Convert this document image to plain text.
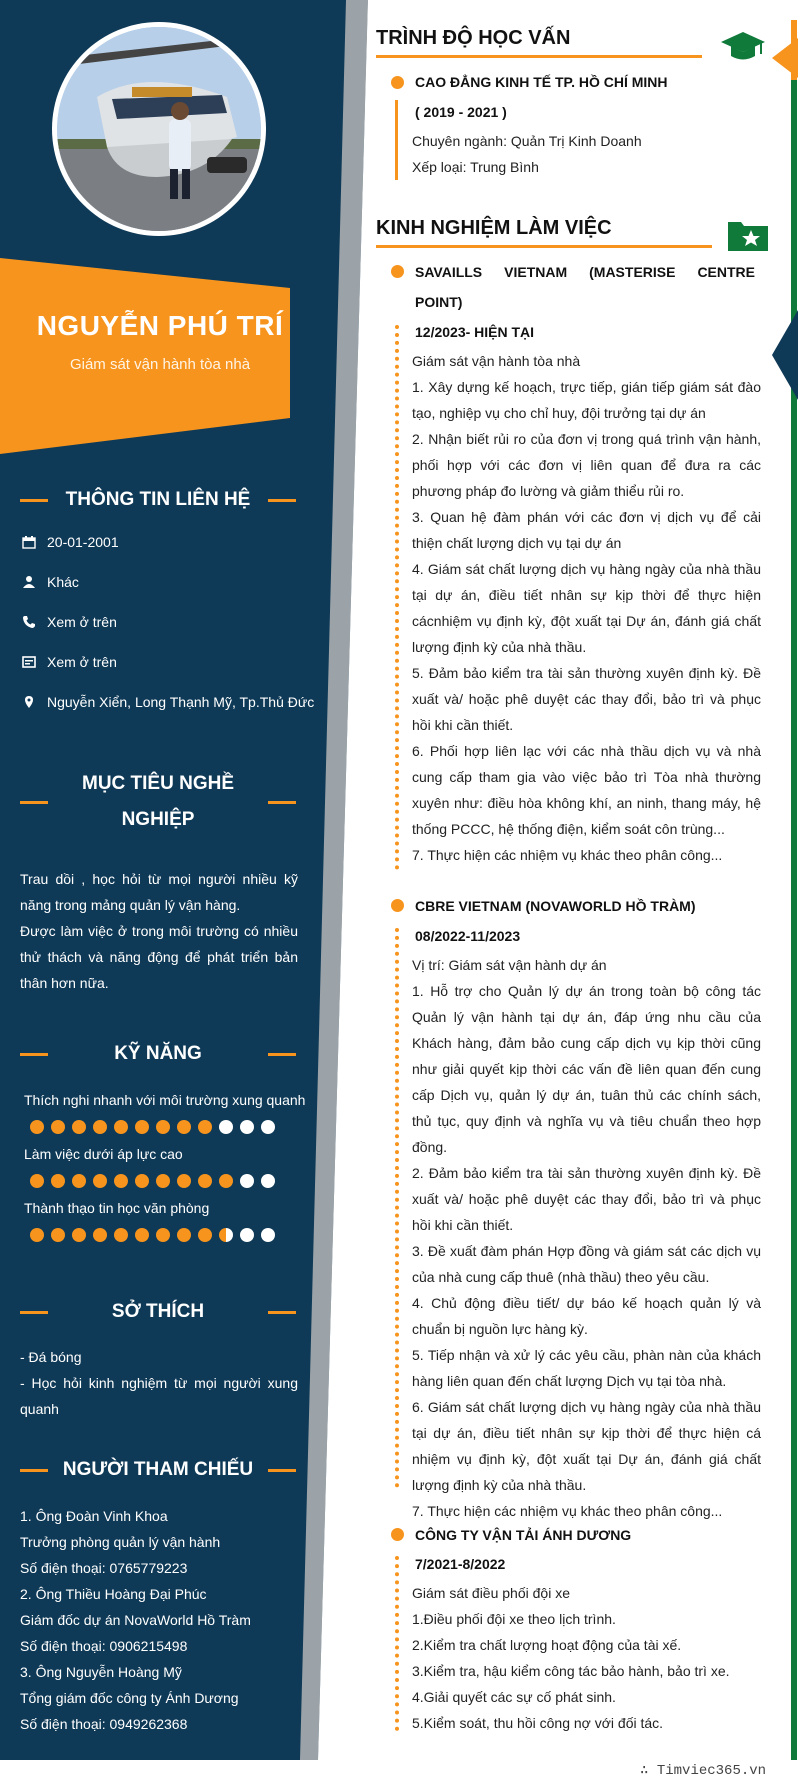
NGUYỄN PHÚ TRÍ
Giám sát vận hành tòa nhà
THÔNG TIN LIÊN HỆ
20-01-2001
Khác
Xem ở trên
Xem ở trên
Nguyễn Xiển, Long Thạnh Mỹ, Tp.Thủ Đức
MỤC TIÊU NGHỀ
NGHIỆP

Trau dồi , học hỏi từ mọi người nhiều kỹ năng trong mảng quản lý vận hàng.

Được làm việc ở trong môi trường có nhiều thử thách và năng động để phát triển bản thân hơn nữa.

KỸ NĂNG
Thích nghi nhanh với môi trường xung quanh
Làm việc dưới áp lực cao
Thành thạo tin học văn phòng
SỞ THÍCH

- Đá bóng

- Học hỏi kinh nghiệm từ mọi người xung quanh

NGƯỜI THAM CHIẾU
1. Ông Đoàn Vinh Khoa
Trưởng phòng quản lý vận hành
Số điện thoại: 0765779223
2. Ông Thiều Hoàng Đại Phúc
Giám đốc dự án NovaWorld Hồ Tràm
Số điện thoại: 0906215498
3. Ông Nguyễn Hoàng Mỹ
Tổng giám đốc công ty Ánh Dương
Số điện thoại: 0949262368
TRÌNH ĐỘ HỌC VẤN
CAO ĐẲNG KINH TẾ TP. HỒ CHÍ MINH
( 2019 - 2021 )

Chuyên ngành: Quản Trị Kinh Doanh

Xếp loại: Trung Bình

KINH NGHIỆM LÀM VIỆC
SAVAILLS VIETNAM (MASTERISE CENTRE
POINT)
12/2023- HIỆN TẠI

Giám sát vận hành tòa nhà

1. Xây dựng kế hoạch, trực tiếp, gián tiếp giám sát đào tạo, nghiệp vụ cho chỉ huy, đội trưởng tại dự án

2. Nhận biết rủi ro của đơn vị trong quá trình vận hành, phối hợp với các đơn vị liên quan để đưa ra các phương pháp đo lường và giảm thiểu rủi ro.

3. Quan hệ đàm phán với các đơn vị dịch vụ để cải thiện chất lượng dịch vụ tại dự án

4. Giám sát chất lượng dịch vụ hàng ngày của nhà thầu tại dự án, điều tiết nhân sự kịp thời để thực hiện cácnhiệm vụ định kỳ, đột xuất tại Dự án, đánh giá chất lượng định kỳ của nhà thầu.

5. Đảm bảo kiểm tra tài sản thường xuyên định kỳ. Đề xuất và/ hoặc phê duyệt các thay đổi, bảo trì và phục hồi khi cần thiết.

6. Phối hợp liên lạc với các nhà thầu dịch vụ và nhà cung cấp tham gia vào việc bảo trì Tòa nhà thường xuyên như: điều hòa không khí, an ninh, thang máy, hệ thống PCCC, hệ thống điện, kiểm soát côn trùng...

7. Thực hiện các nhiệm vụ khác theo phân công...

CBRE VIETNAM (NOVAWORLD HỒ TRÀM)
08/2022-11/2023

Vị trí: Giám sát vận hành dự án

1. Hỗ trợ cho Quản lý dự án trong toàn bộ công tác Quản lý vận hành tại dự án, đáp ứng nhu cầu của Khách hàng, đảm bảo cung cấp dịch vụ kịp thời cũng như giải quyết kịp thời các vấn đề liên quan đến cung cấp Dịch vụ, quản lý dự án, tuân thủ các chính sách, thủ tục, quy định và nghĩa vụ và tiêu chuẩn theo hợp đồng.

2. Đảm bảo kiểm tra tài sản thường xuyên định kỳ. Đề xuất và/ hoặc phê duyệt các thay đổi, bảo trì và phục hồi khi cần thiết.

3. Đề xuất đàm phán Hợp đồng và giám sát các dịch vụ của nhà cung cấp thuê (nhà thầu) theo yêu cầu.

4. Chủ động điều tiết/ dự báo kế hoạch quản lý và chuẩn bị nguồn lực hàng kỳ.

5. Tiếp nhận và xử lý các yêu cầu, phàn nàn của khách hàng liên quan đến chất lượng Dịch vụ tại tòa nhà.

6. Giám sát chất lượng dịch vụ hàng ngày của nhà thầu tại dự án, điều tiết nhân sự kịp thời để thực hiện cá nhiệm vụ định kỳ, đột xuất tại Dự án, đánh giá chất lượng định kỳ của nhà thầu.

7. Thực hiện các nhiệm vụ khác theo phân công...

CÔNG TY VẬN TẢI ÁNH DƯƠNG
7/2021-8/2022

Giám sát điều phối đội xe

1.Điều phối đội xe theo lịch trình.

2.Kiểm tra chất lượng hoạt động của tài xế.

3.Kiểm tra, hậu kiểm công tác bảo hành, bảo trì xe.

4.Giải quyết các sự cố phát sinh.

5.Kiểm soát, thu hồi công nợ với đối tác.

∴ Timviec365.vn
